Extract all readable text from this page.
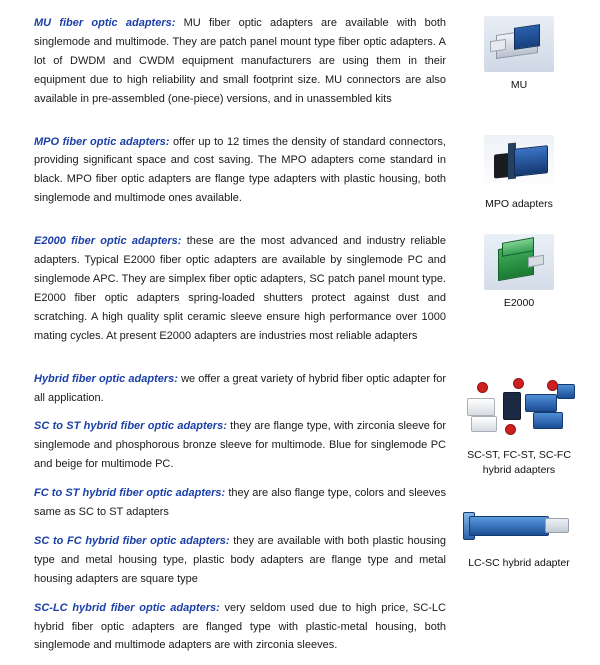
MU fiber optic adapters: MU fiber optic adapters are available with both singlemode and multimode. They are patch panel mount type fiber optic adapters. A lot of DWDM and CWDM equipment manufacturers are using them in their equipment due to high reliability and small footprint size. MU connectors are also available in pre-assembled (one-piece) versions, and in unassembled kits

MU

MPO fiber optic adapters: offer up to 12 times the density of standard connectors, providing significant space and cost saving. The MPO adapters come standard in black. MPO fiber optic adapters are flange type adapters with plastic housing, both singlemode and multimode ones available.	MPO adapters

E2000 fiber optic adapters: these are the most advanced and industry reliable adapters. Typical E2000 fiber optic adapters are available by singlemode PC and singlemode APC. They are simplex fiber optic adapters, SC patch panel mount type. E2000 fiber optic adapters spring-loaded shutters protect against dust and scratching. A high quality split ceramic sleeve ensure high performance over 1000 mating cycles. At present E2000 adapters are industries most reliable adapters

E2000

Hybrid fiber optic adapters: we offer a great variety of hybrid fiber optic adapter for all application.

SC to ST hybrid fiber optic adapters: they are flange type, with zirconia sleeve for singlemode and phosphorous bronze sleeve for multimode. Blue for singlemode PC and beige for multimode PC.

FC to ST hybrid fiber optic adapters: they are also flange type, colors and sleeves same as SC to ST adapters

SC to FC hybrid fiber optic adapters: they are available with both plastic housing type and metal housing type, plastic body adapters are flange type and metal housing adapters are square type

SC-LC hybrid fiber optic adapters: very seldom used due to high price, SC-LC hybrid fiber optic adapters are flanged type with plastic-metal housing, both singlemode and multimode adapters are with zirconia sleeves.

SC-ST, FC-ST, SC-FC
hybrid adapters
LC-SC hybrid adapter
